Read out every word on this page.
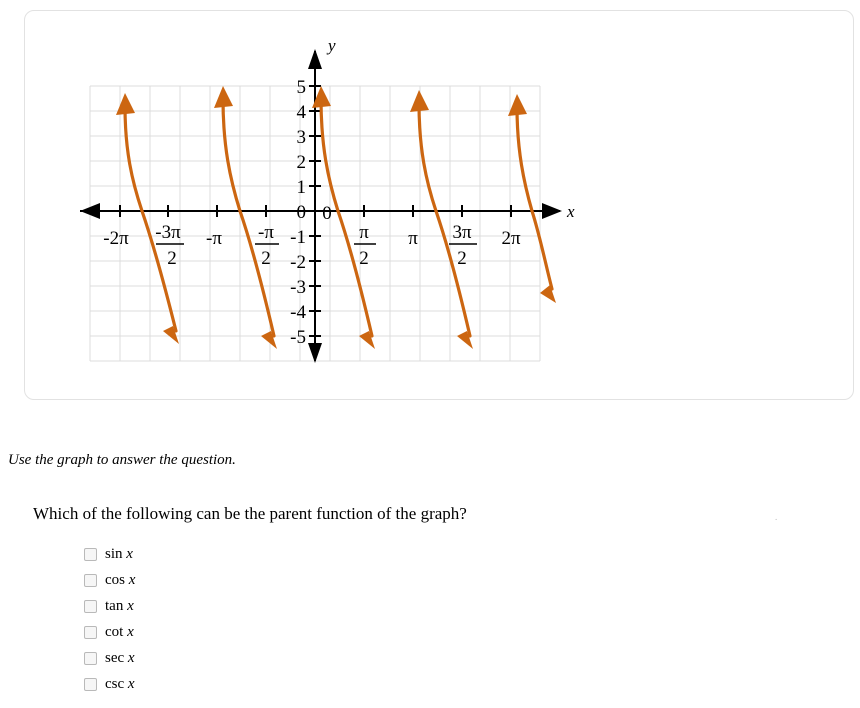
y
x
5
4
3
2
1
0
-1
-2
-3
-4
-5
-2π -3π
2
-π -π
2
0
π
2
π 3π
2
2π
Use the graph to answer the question.
Which of the following can be the parent function of the graph?	.
sin x
cos x
tan x
cot x
sec x
csc x
